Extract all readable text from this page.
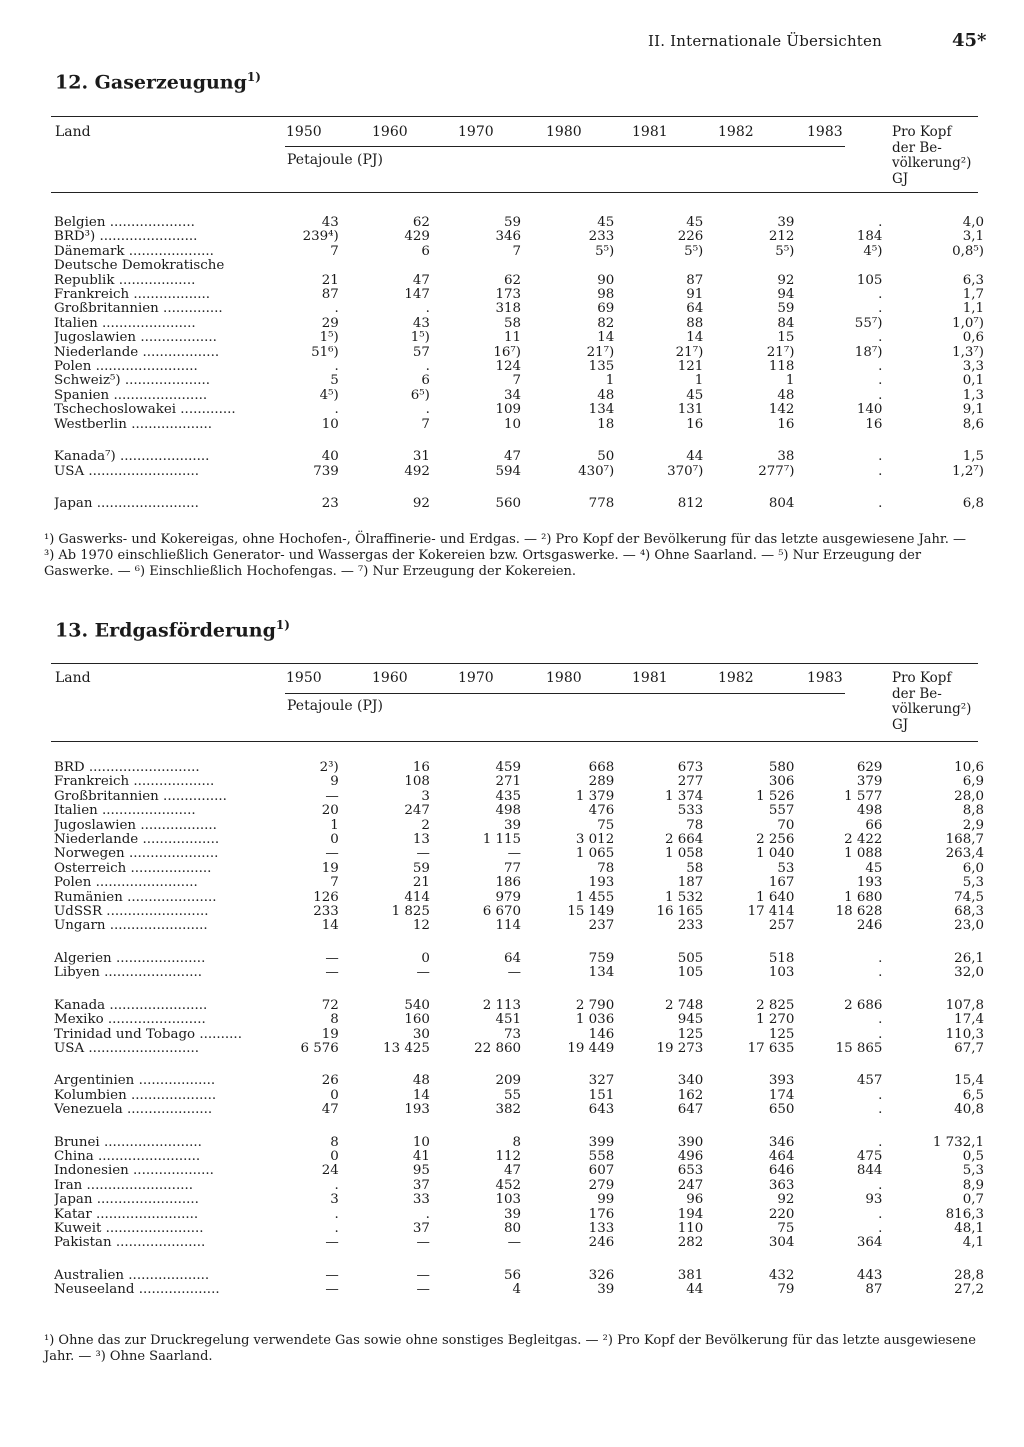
II. Internationale Übersichten	45*
12. Gaserzeugung$^{1)}$
Land	1950	1960	1970	1980	1981	1982	1983
Petajoule (PJ)
Pro Kopf
der Be-
völkerung²)
GJ
Belgien ....................	43	62	59	45	45	39	.	4,0
BRD³) .......................	239⁴)	429	346	233	226	212	184	3,1
Dänemark ....................	7	6	7	5⁵)	5⁵)	5⁵)	4⁵)	0,8⁵)
Deutsche Demokratische								
Republik ..................	21	47	62	90	87	92	105	6,3
Frankreich ..................	87	147	173	98	91	94	.	1,7
Großbritannien ..............	.	.	318	69	64	59	.	1,1
Italien ......................	29	43	58	82	88	84	55⁷)	1,0⁷)
Jugoslawien ..................	1⁵)	1⁵)	11	14	14	15	.	0,6
Niederlande ..................	51⁶)	57	16⁷)	21⁷)	21⁷)	21⁷)	18⁷)	1,3⁷)
Polen ........................	.	.	124	135	121	118	.	3,3
Schweiz⁵) ....................	5	6	7	1	1	1	.	0,1
Spanien ......................	4⁵)	6⁵)	34	48	45	48	.	1,3
Tschechoslowakei .............	.	.	109	134	131	142	140	9,1
Westberlin ...................	10	7	10	18	16	16	16	8,6

Kanada⁷) .....................	40	31	47	50	44	38	.	1,5
USA ..........................	739	492	594	430⁷)	370⁷)	277⁷)	.	1,2⁷)

Japan ........................	23	92	560	778	812	804	.	6,8
¹) Gaswerks- und Kokereigas, ohne Hochofen-, Ölraffinerie- und Erdgas. — ²) Pro Kopf der Bevölkerung für das letzte ausgewiesene Jahr. — ³) Ab 1970 einschließlich Generator- und Wassergas der Kokereien bzw. Ortsgaswerke. — ⁴) Ohne Saarland. — ⁵) Nur Erzeugung der Gaswerke. — ⁶) Einschließlich Hochofengas. — ⁷) Nur Erzeugung der Kokereien.
13. Erdgasförderung$^{1)}$
Land	1950	1960	1970	1980	1981	1982	1983
Petajoule (PJ)
Pro Kopf
der Be-
völkerung²)
GJ
BRD ..........................	2³)	16	459	668	673	580	629	10,6
Frankreich ...................	9	108	271	289	277	306	379	6,9
Großbritannien ...............	—	3	435	1 379	1 374	1 526	1 577	28,0
Italien ......................	20	247	498	476	533	557	498	8,8
Jugoslawien ..................	1	2	39	75	78	70	66	2,9
Niederlande ..................	0	13	1 115	3 012	2 664	2 256	2 422	168,7
Norwegen .....................	—	—	—	1 065	1 058	1 040	1 088	263,4
Österreich ...................	19	59	77	78	58	53	45	6,0
Polen ........................	7	21	186	193	187	167	193	5,3
Rumänien .....................	126	414	979	1 455	1 532	1 640	1 680	74,5
UdSSR ........................	233	1 825	6 670	15 149	16 165	17 414	18 628	68,3
Ungarn .......................	14	12	114	237	233	257	246	23,0

Algerien .....................	—	0	64	759	505	518	.	26,1
Libyen .......................	—	—	—	134	105	103	.	32,0

Kanada .......................	72	540	2 113	2 790	2 748	2 825	2 686	107,8
Mexiko .......................	8	160	451	1 036	945	1 270	.	17,4
Trinidad und Tobago ..........	19	30	73	146	125	125	.	110,3
USA ..........................	6 576	13 425	22 860	19 449	19 273	17 635	15 865	67,7

Argentinien ..................	26	48	209	327	340	393	457	15,4
Kolumbien ....................	0	14	55	151	162	174	.	6,5
Venezuela ....................	47	193	382	643	647	650	.	40,8

Brunei .......................	8	10	8	399	390	346	.	1 732,1
China ........................	0	41	112	558	496	464	475	0,5
Indonesien ...................	24	95	47	607	653	646	844	5,3
Iran .........................	.	37	452	279	247	363	.	8,9
Japan ........................	3	33	103	99	96	92	93	0,7
Katar ........................	.	.	39	176	194	220	.	816,3
Kuweit .......................	.	37	80	133	110	75	.	48,1
Pakistan .....................	—	—	—	246	282	304	364	4,1

Australien ...................	—	—	56	326	381	432	443	28,8
Neuseeland ...................	—	—	4	39	44	79	87	27,2
¹) Ohne das zur Druckregelung verwendete Gas sowie ohne sonstiges Begleitgas. — ²) Pro Kopf der Bevölkerung für das letzte ausgewiesene Jahr. — ³) Ohne Saarland.
